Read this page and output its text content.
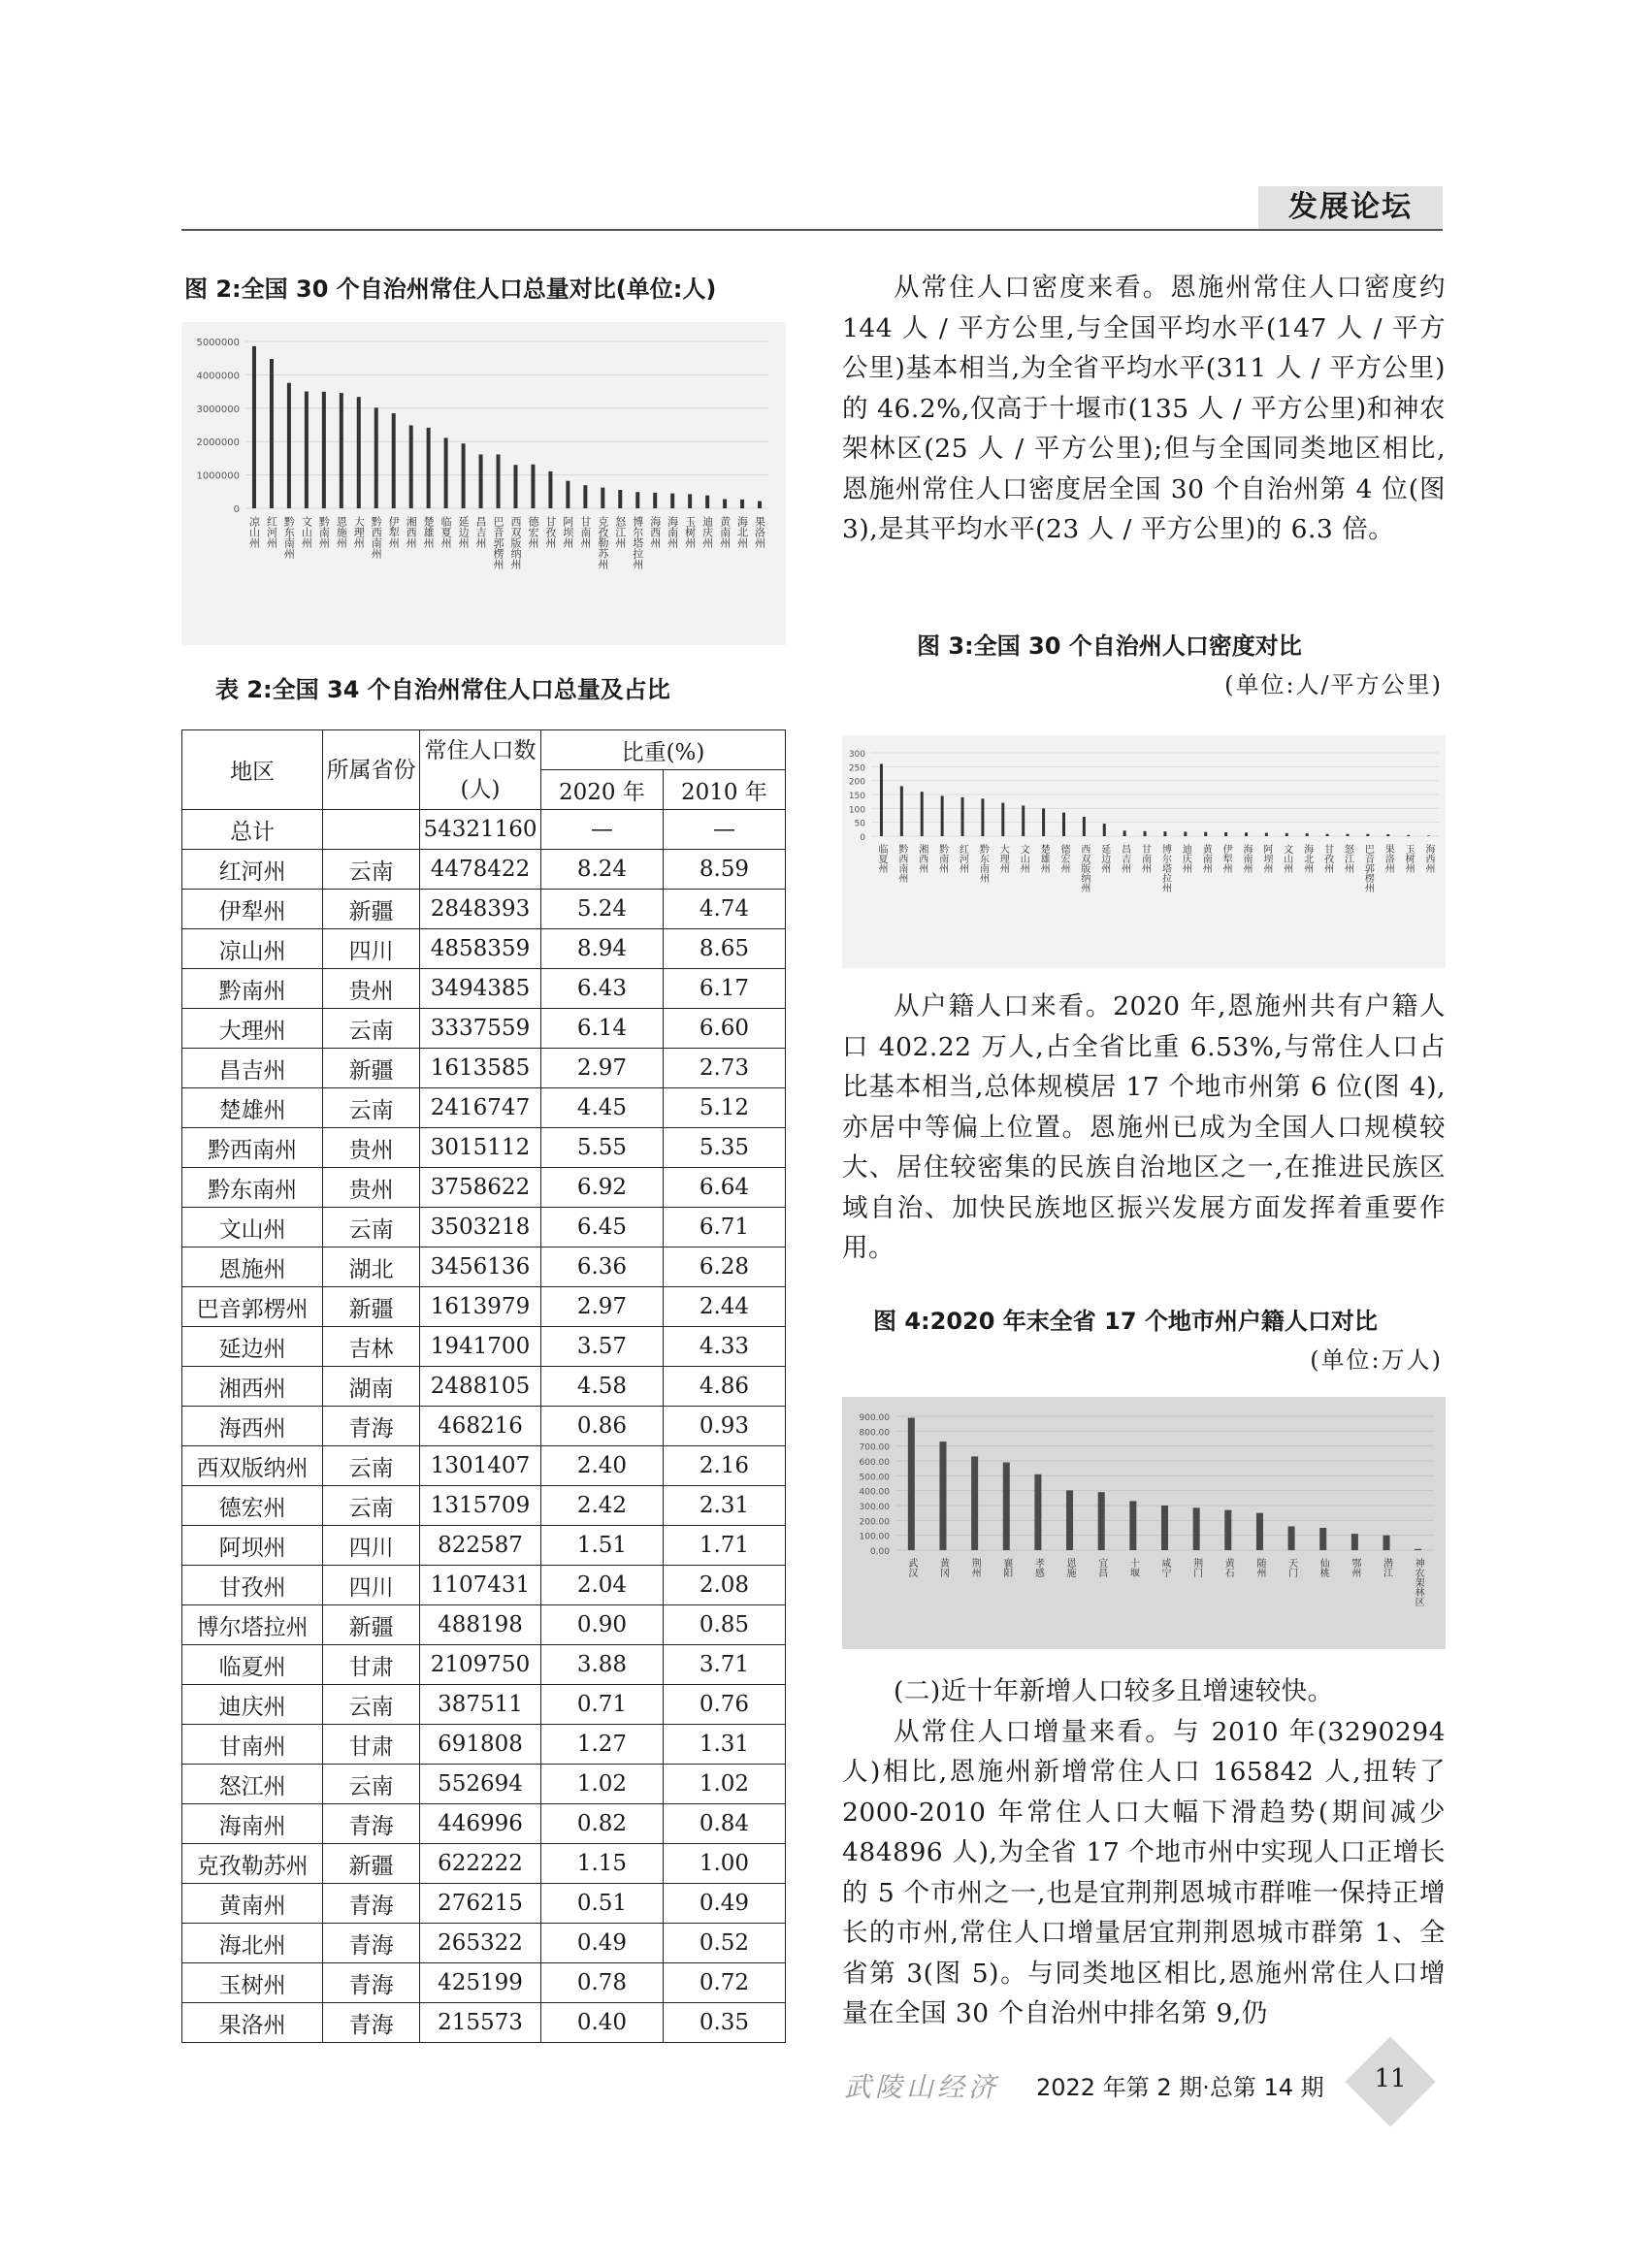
发展论坛
图 2:全国 30 个自治州常住人口总量对比(单位:人)
5000000
4000000
3000000
2000000
1000000
0
凉山州 红河州 黔东南州 文山州 黔南州 恩施州 大理州 黔西南州 伊犁州 湘西州 楚雄州 临夏州 延边州 昌吉州 巴音郭楞州 西双版纳州 德宏州 甘孜州 阿坝州 甘南州 克孜勒苏州 怒江州 博尔塔拉州 海西州 海南州 玉树州 迪庆州 黄南州 海北州 果洛州
表 2:全国 34 个自治州常住人口总量及占比
地区	所属省份	常住人口数(人)	比重(%)	
			2020 年	2010 年
总计		54321160	—	—
红河州	云南	4478422	8.24	8.59
伊犁州	新疆	2848393	5.24	4.74
凉山州	四川	4858359	8.94	8.65
黔南州	贵州	3494385	6.43	6.17
大理州	云南	3337559	6.14	6.60
昌吉州	新疆	1613585	2.97	2.73
楚雄州	云南	2416747	4.45	5.12
黔西南州	贵州	3015112	5.55	5.35
黔东南州	贵州	3758622	6.92	6.64
文山州	云南	3503218	6.45	6.71
恩施州	湖北	3456136	6.36	6.28
巴音郭楞州	新疆	1613979	2.97	2.44
延边州	吉林	1941700	3.57	4.33
湘西州	湖南	2488105	4.58	4.86
海西州	青海	468216	0.86	0.93
西双版纳州	云南	1301407	2.40	2.16
德宏州	云南	1315709	2.42	2.31
阿坝州	四川	822587	1.51	1.71
甘孜州	四川	1107431	2.04	2.08
博尔塔拉州	新疆	488198	0.90	0.85
临夏州	甘肃	2109750	3.88	3.71
迪庆州	云南	387511	0.71	0.76
甘南州	甘肃	691808	1.27	1.31
怒江州	云南	552694	1.02	1.02
海南州	青海	446996	0.82	0.84
克孜勒苏州	新疆	622222	1.15	1.00
黄南州	青海	276215	0.51	0.49
海北州	青海	265322	0.49	0.52
玉树州	青海	425199	0.78	0.72
果洛州	青海	215573	0.40	0.35

从常住人口密度来看。恩施州常住人口密度约 144 人 / 平方公里,与全国平均水平(147 人 / 平方公里)基本相当,为全省平均水平(311 人 / 平方公里)的 46.2%,仅高于十堰市(135 人 / 平方公里)和神农架林区(25 人 / 平方公里);但与全国同类地区相比,恩施州常住人口密度居全国 30 个自治州第 4 位(图 3),是其平均水平(23 人 / 平方公里)的 6.3 倍。

图 3:全国 30 个自治州人口密度对比
(单位:人/平方公里)
300
250
200
150
100
50
0
临夏州 黔西南州 湘西州 黔南州 红河州 黔东南州 大理州 文山州 楚雄州 德宏州 西双版纳州 延边州 昌吉州 甘南州 博尔塔拉州 迪庆州 黄南州 伊犁州 海南州 阿坝州 文山州 海北州 甘孜州 怒江州 巴音郭楞州 果洛州 玉树州 海西州

从户籍人口来看。2020 年,恩施州共有户籍人口 402.22 万人,占全省比重 6.53%,与常住人口占比基本相当,总体规模居 17 个地市州第 6 位(图 4),亦居中等偏上位置。恩施州已成为全国人口规模较大、居住较密集的民族自治地区之一,在推进民族区域自治、加快民族地区振兴发展方面发挥着重要作用。

图 4:2020 年末全省 17 个地市州户籍人口对比
(单位:万人)
900.00
800.00
700.00
600.00
500.00
400.00
300.00
200.00
100.00
0.00
武汉 黄冈 荆州 襄阳 孝感 恩施 宜昌 十堰 咸宁 荆门 黄石 随州 天门 仙桃 鄂州 潜江 神农架林区

(二)近十年新增人口较多且增速较快。

从常住人口增量来看。与 2010 年(3290294 人)相比,恩施州新增常住人口 165842 人,扭转了 2000-2010 年常住人口大幅下滑趋势(期间减少 484896 人),为全省 17 个地市州中实现人口正增长的 5 个市州之一,也是宜荆荆恩城市群唯一保持正增长的市州,常住人口增量居宜荆荆恩城市群第 1、全省第 3(图 5)。与同类地区相比,恩施州常住人口增量在全国 30 个自治州中排名第 9,仍

武陵山经济 2022 年第 2 期·总第 14 期	11
